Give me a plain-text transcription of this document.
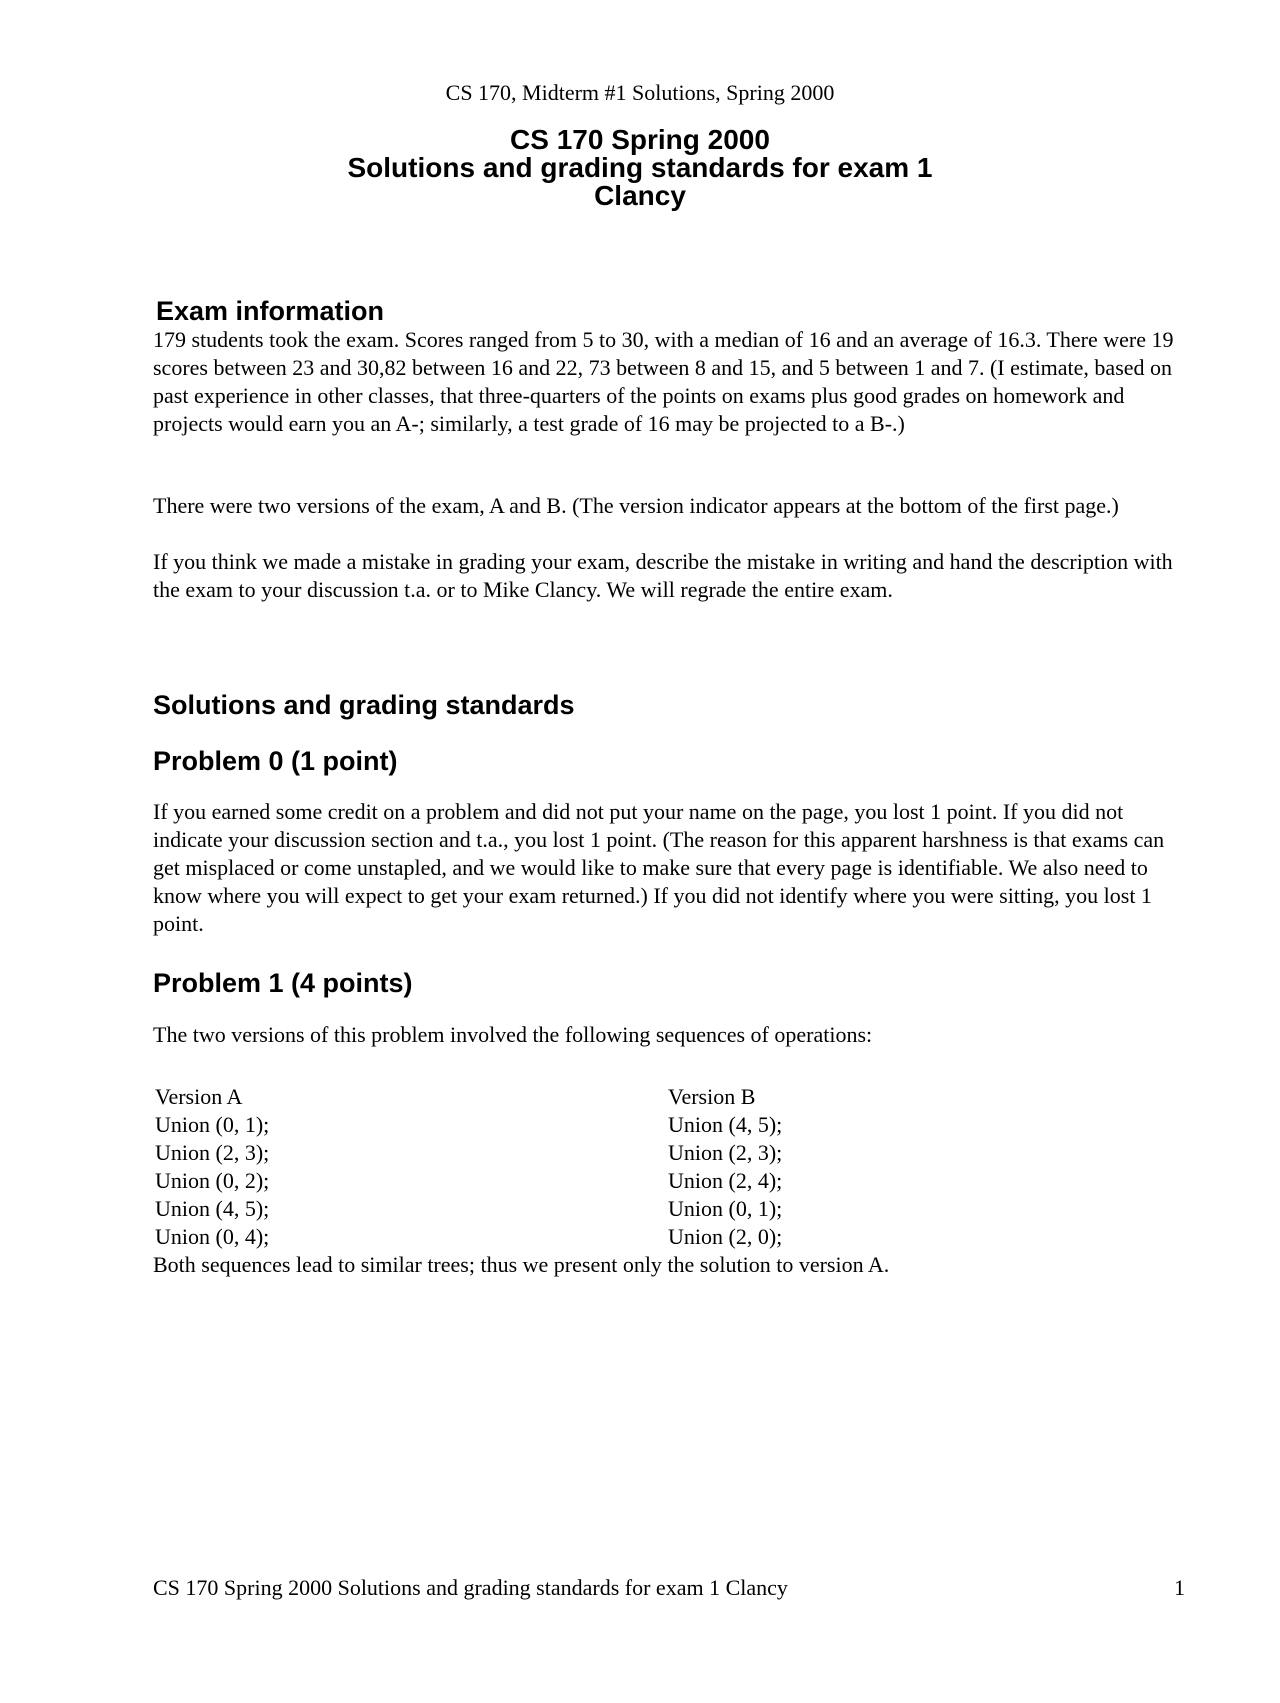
CS 170, Midterm #1 Solutions, Spring 2000
CS 170 Spring 2000
Solutions and grading standards for exam 1
Clancy
Exam information
179 students took the exam. Scores ranged from 5 to 30, with a median of 16 and an average of 16.3. There were 19 scores between 23 and 30,82 between 16 and 22, 73 between 8 and 15, and 5 between 1 and 7. (I estimate, based on past experience in other classes, that three-quarters of the points on exams plus good grades on homework and projects would earn you an A-; similarly, a test grade of 16 may be projected to a B-.)
There were two versions of the exam, A and B. (The version indicator appears at the bottom of the first page.)
If you think we made a mistake in grading your exam, describe the mistake in writing and hand the description with the exam to your discussion t.a. or to Mike Clancy. We will regrade the entire exam.
Solutions and grading standards
Problem 0 (1 point)
If you earned some credit on a problem and did not put your name on the page, you lost 1 point. If you did not indicate your discussion section and t.a., you lost 1 point. (The reason for this apparent harshness is that exams can get misplaced or come unstapled, and we would like to make sure that every page is identifiable. We also need to know where you will expect to get your exam returned.) If you did not identify where you were sitting, you lost 1 point.
Problem 1 (4 points)
The two versions of this problem involved the following sequences of operations:
Version A
Union (0, 1);
Union (2, 3);
Union (0, 2);
Union (4, 5);
Union (0, 4);
Version B
Union (4, 5);
Union (2, 3);
Union (2, 4);
Union (0, 1);
Union (2, 0);
Both sequences lead to similar trees; thus we present only the solution to version A.
CS 170 Spring 2000 Solutions and grading standards for exam 1 Clancy	1
